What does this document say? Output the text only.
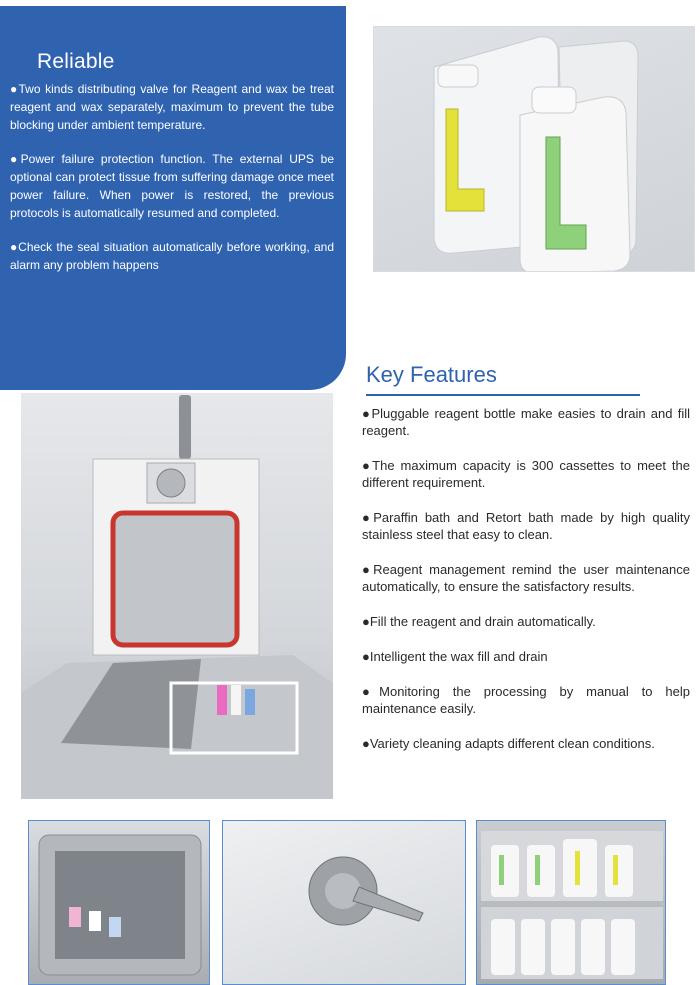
Reliable

●Two kinds distributing valve for Reagent and wax be treat reagent and wax separately, maximum to prevent the tube blocking under ambient temperature.

●Power failure protection function. The external UPS be optional can protect tissue from suffering damage once meet power failure. When power is restored, the previous protocols is automatically resumed and completed.

●Check the seal situation automatically before working, and alarm any problem happens

Key Features
●Pluggable reagent bottle make easies to drain and fill reagent.
●The maximum capacity is 300 cassettes to meet the different requirement.
●Paraffin bath and Retort bath made by high quality stainless steel that easy to clean.
●Reagent management remind the user maintenance automatically, to ensure the satisfactory results.
●Fill the reagent and drain automatically.
●Intelligent the wax fill and drain
●Monitoring the processing by manual to help maintenance easily.
●Variety cleaning adapts different clean conditions.
